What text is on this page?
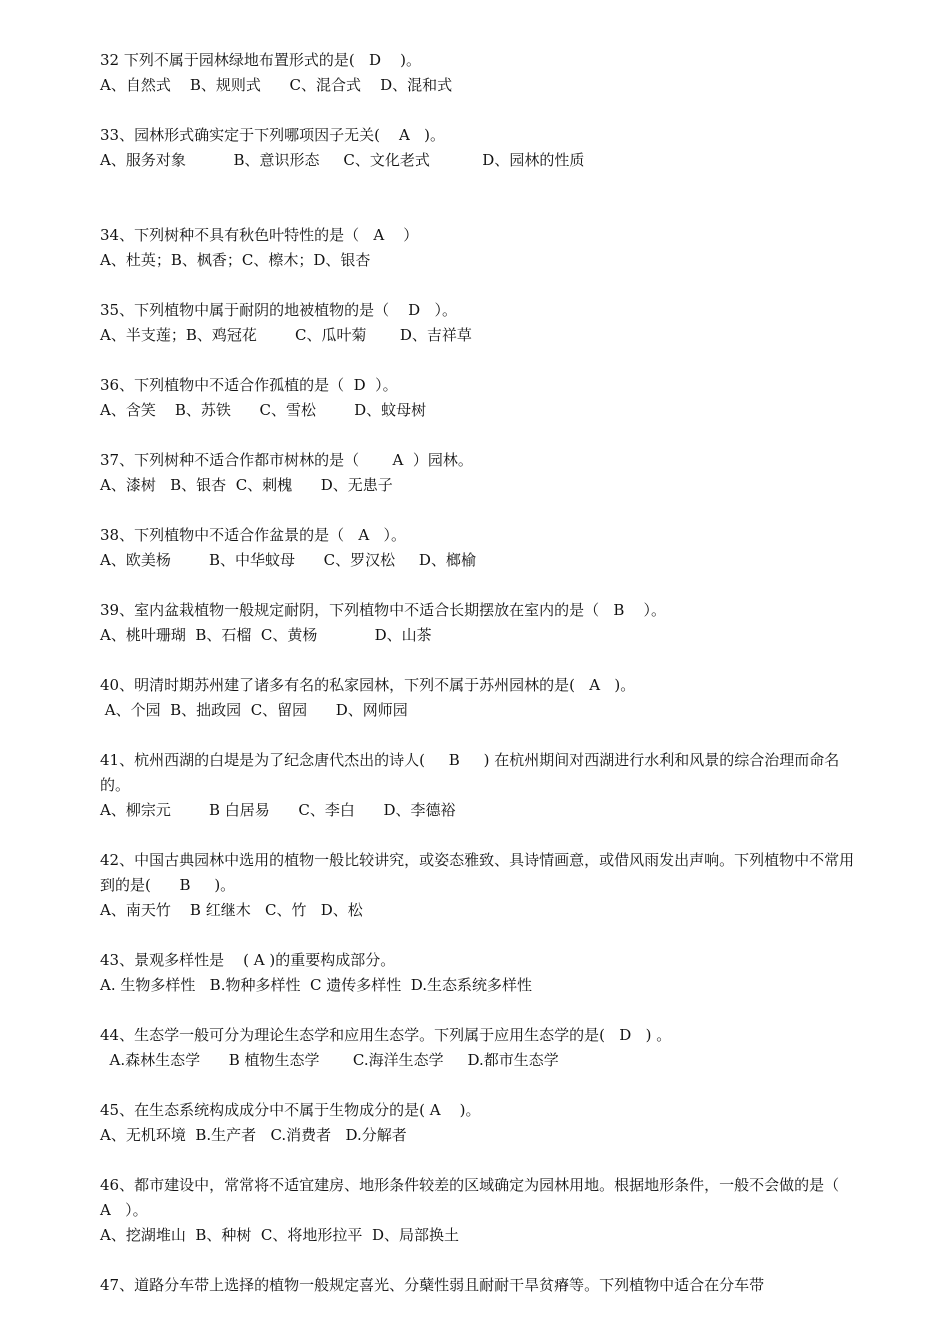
32 下列不属于园林绿地布置形式的是(   D    )。
A、自然式    B、规则式      C、混合式    D、混和式
33、园林形式确实定于下列哪项因子无关(    A   )。
A、服务对象          B、意识形态     C、文化老式           D、园林的性质
34、下列树种不具有秋色叶特性的是（   A    ）
A、杜英；B、枫香；C、檫木；D、银杏
35、下列植物中属于耐阴的地被植物的是（    D   ）。
A、半支莲；B、鸡冠花        C、瓜叶菊       D、吉祥草
36、下列植物中不适合作孤植的是（  D  ）。
A、含笑    B、苏铁      C、雪松        D、蚊母树
37、下列树种不适合作都市树林的是（       A  ）园林。
A、漆树   B、银杏  C、刺槐      D、无患子
38、下列植物中不适合作盆景的是（   A   ）。
A、欧美杨        B、中华蚊母      C、罗汉松     D、榔榆
39、室内盆栽植物一般规定耐阴，下列植物中不适合长期摆放在室内的是（   B    ）。
A、桃叶珊瑚  B、石榴  C、黄杨            D、山茶
40、明清时期苏州建了诸多有名的私家园林，下列不属于苏州园林的是(   A   )。
A、个园  B、拙政园  C、留园      D、网师园
41、杭州西湖的白堤是为了纪念唐代杰出的诗人(     B     ) 在杭州期间对西湖进行水利和风景的综合治理而命名的。
A、柳宗元        B 白居易      C、李白      D、李德裕
42、中国古典园林中选用的植物一般比较讲究，或姿态雅致、具诗情画意，或借风雨发出声响。下列植物中不常用到的是(      B     )。
A、南天竹    B 红继木   C、竹   D、松
43、景观多样性是    ( A )的重要构成部分。
A. 生物多样性   B.物种多样性  C 遗传多样性  D.生态系统多样性
44、生态学一般可分为理论生态学和应用生态学。下列属于应用生态学的是(   D   ) 。
A.森林生态学      B 植物生态学       C.海洋生态学     D.都市生态学
45、在生态系统构成成分中不属于生物成分的是( A    )。
A、无机环境  B.生产者   C.消费者   D.分解者
46、都市建设中，常常将不适宜建房、地形条件较差的区域确定为园林用地。根据地形条件，一般不会做的是（   A   ）。
A、挖湖堆山  B、种树  C、将地形拉平  D、局部换土
47、道路分车带上选择的植物一般规定喜光、分蘖性弱且耐耐干旱贫瘠等。下列植物中适合在分车带
